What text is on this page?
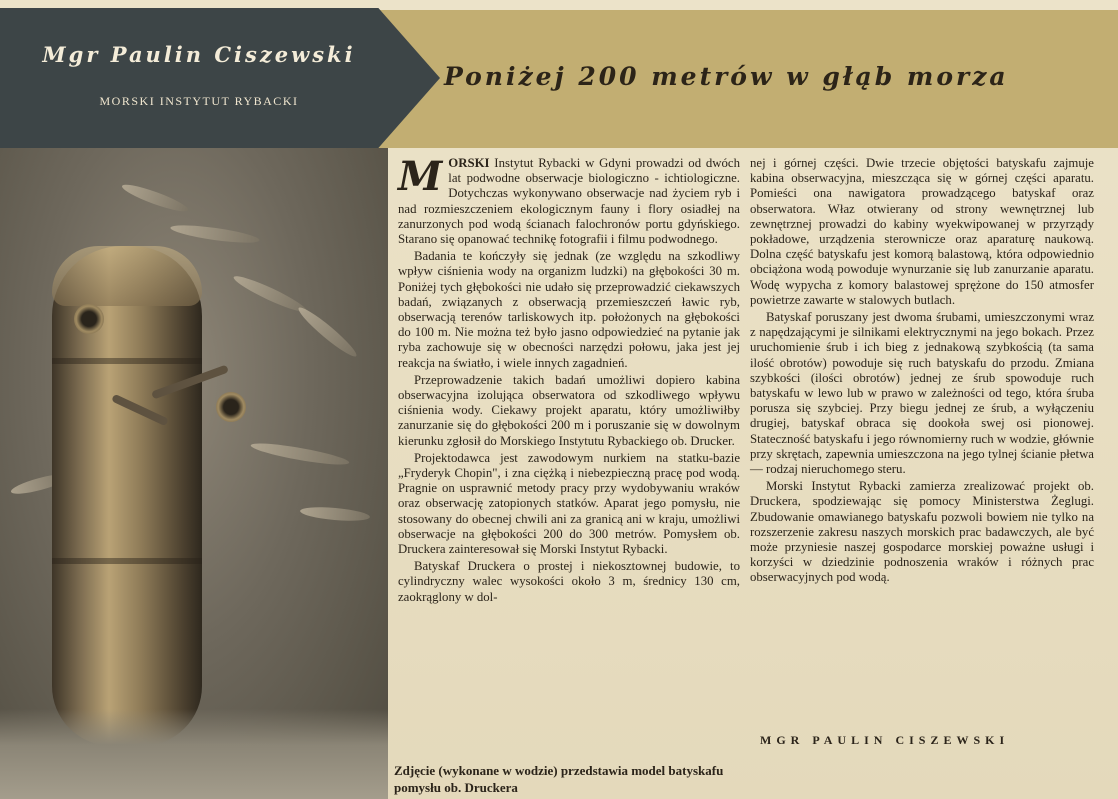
Mgr Paulin Ciszewski
MORSKI INSTYTUT RYBACKI
Poniżej 200 metrów w głąb morza

MORSKI Instytut Rybacki w Gdyni prowadzi od dwóch lat podwodne obserwacje biologiczno - ichtiologiczne. Dotychczas wykonywano obserwacje nad życiem ryb i nad rozmieszczeniem ekologicznym fauny i flory osiadłej na zanurzonych pod wodą ścianach falochronów portu gdyńskiego. Starano się opanować technikę fotografii i filmu podwodnego.

Badania te kończyły się jednak (ze względu na szkodliwy wpływ ciśnienia wody na organizm ludzki) na głębokości 30 m. Poniżej tych głębokości nie udało się przeprowadzić ciekawszych badań, związanych z obserwacją przemieszczeń ławic ryb, obserwacją terenów tarliskowych itp. położonych na głębokości do 100 m. Nie można też było jasno odpowiedzieć na pytanie jak ryba zachowuje się w obecności narzędzi połowu, jaka jest jej reakcja na światło, i wiele innych zagadnień.

Przeprowadzenie takich badań umożliwi dopiero kabina obserwacyjna izolująca obserwatora od szkodliwego wpływu ciśnienia wody. Ciekawy projekt aparatu, który umożliwiłby zanurzanie się do głębokości 200 m i poruszanie się w dowolnym kierunku zgłosił do Morskiego Instytutu Rybackiego ob. Drucker.

Projektodawca jest zawodowym nurkiem na statku-bazie „Fryderyk Chopin", i zna ciężką i niebezpieczną pracę pod wodą. Pragnie on usprawnić metody pracy przy wydobywaniu wraków oraz obserwację zatopionych statków. Aparat jego pomysłu, nie stosowany do obecnej chwili ani za granicą ani w kraju, umożliwi obserwacje na głębokości 200 do 300 metrów. Pomysłem ob. Druckera zainteresował się Morski Instytut Rybacki.

Batyskaf Druckera o prostej i niekosztownej budowie, to cylindryczny walec wysokości około 3 m, średnicy 130 cm, zaokrąglony w dol-

nej i górnej części. Dwie trzecie objętości batyskafu zajmuje kabina obserwacyjna, mieszcząca się w górnej części aparatu. Pomieści ona nawigatora prowadzącego batyskaf oraz obserwatora. Właz otwierany od strony wewnętrznej lub zewnętrznej prowadzi do kabiny wyekwipowanej w przyrządy pokładowe, urządzenia sterownicze oraz aparaturę naukową. Dolna część batyskafu jest komorą balastową, która odpowiednio obciążona wodą powoduje wynurzanie się lub zanurzanie aparatu. Wodę wypycha z komory balastowej sprężone do 150 atmosfer powietrze zawarte w stalowych butlach.

Batyskaf poruszany jest dwoma śrubami, umieszczonymi wraz z napędzającymi je silnikami elektrycznymi na jego bokach. Przez uruchomienie śrub i ich bieg z jednakową szybkością (ta sama ilość obrotów) powoduje się ruch batyskafu do przodu. Zmiana szybkości (ilości obrotów) jednej ze śrub spowoduje ruch batyskafu w lewo lub w prawo w zależności od tego, która śruba porusza się szybciej. Przy biegu jednej ze śrub, a wyłączeniu drugiej, batyskaf obraca się dookoła swej osi pionowej. Stateczność batyskafu i jego równomierny ruch w wodzie, głównie przy skrętach, zapewnia umieszczona na jego tylnej ścianie płetwa — rodzaj nieruchomego steru.

Morski Instytut Rybacki zamierza zrealizować projekt ob. Druckera, spodziewając się pomocy Ministerstwa Żeglugi. Zbudowanie omawianego batyskafu pozwoli bowiem nie tylko na rozszerzenie zakresu naszych morskich prac badawczych, ale być może przyniesie naszej gospodarce morskiej poważne usługi i korzyści w dziedzinie podnoszenia wraków i różnych prac obserwacyjnych pod wodą.

MGR PAULIN CISZEWSKI
Zdjęcie (wykonane w wodzie) przedstawia model batyskafu pomysłu ob. Druckera
